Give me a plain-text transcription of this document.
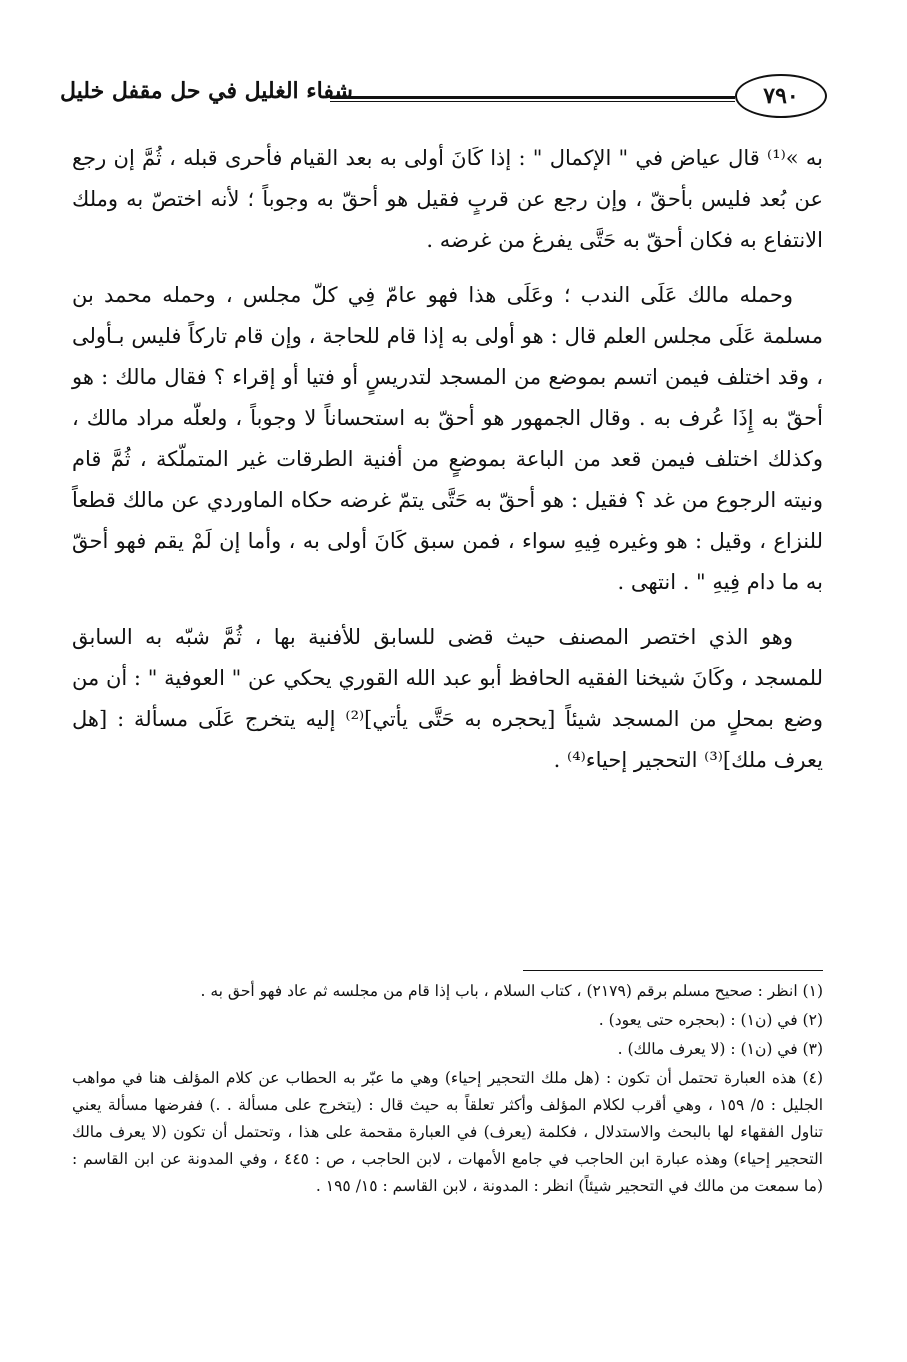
٧٩٠
شفاء الغليل في حل مقفل خليل

به »⁽¹⁾ قال عياض في " الإكمال " : إذا كَانَ أولى به بعد القيام فأحرى قبله ، ثُمَّ إن رجع عن بُعد فليس بأحقّ ، وإن رجع عن قربٍ فقيل هو أحقّ به وجوباً ؛ لأنه اختصّ به وملك الانتفاع به فكان أحقّ به حَتَّى يفرغ من غرضه .

وحمله مالك عَلَى الندب ؛ وعَلَى هذا فهو عامّ فِي كلّ مجلس ، وحمله محمد بن مسلمة عَلَى مجلس العلم قال : هو أولى به إذا قام للحاجة ، وإن قام تاركاً فليس بـأولى ، وقد اختلف فيمن اتسم بموضع من المسجد لتدريسٍ أو فتيا أو إقراء ؟ فقال مالك : هو أحقّ به إِذَا عُرف به . وقال الجمهور هو أحقّ به استحساناً لا وجوباً ، ولعلّه مراد مالك ، وكذلك اختلف فيمن قعد من الباعة بموضعٍ من أفنية الطرقات غير المتملّكة ، ثُمَّ قام ونيته الرجوع من غد ؟ فقيل : هو أحقّ به حَتَّى يتمّ غرضه حكاه الماوردي عن مالك قطعاً للنزاع ، وقيل : هو وغيره فِيهِ سواء ، فمن سبق كَانَ أولى به ، وأما إن لَمْ يقم فهو أحقّ به ما دام فِيهِ " . انتهى .

وهو الذي اختصر المصنف حيث قضى للسابق للأفنية بها ، ثُمَّ شبّه به السابق للمسجد ، وكَانَ شيخنا الفقيه الحافظ أبو عبد الله القوري يحكي عن " العوفية " : أن من وضع بمحلٍ من المسجد شيئاً [يحجره به حَتَّى يأتي]⁽²⁾ إليه يتخرج عَلَى مسألة : [هل يعرف ملك]⁽³⁾ التحجير إحياء⁽⁴⁾ .

(١) انظر : صحيح مسلم برقم (٢١٧٩) ، كتاب السلام ، باب إذا قام من مجلسه ثم عاد فهو أحق به .

(٢) في (ن١) : (بحجره حتى يعود) .

(٣) في (ن١) : (لا يعرف مالك) .

(٤) هذه العبارة تحتمل أن تكون : (هل ملك التحجير إحياء) وهي ما عبّر به الحطاب عن كلام المؤلف هنا في مواهب الجليل : ٥/ ١٥٩ ، وهي أقرب لكلام المؤلف وأكثر تعلقاً به حيث قال : (يتخرج على مسألة . .) ففرضها مسألة يعني تناول الفقهاء لها بالبحث والاستدلال ، فكلمة (يعرف) في العبارة مقحمة على هذا ، وتحتمل أن تكون (لا يعرف مالك التحجير إحياء) وهذه عبارة ابن الحاجب في جامع الأمهات ، لابن الحاجب ، ص : ٤٤٥ ، وفي المدونة عن ابن القاسم : (ما سمعت من مالك في التحجير شيئاً) انظر : المدونة ، لابن القاسم : ١٥/ ١٩٥ .
